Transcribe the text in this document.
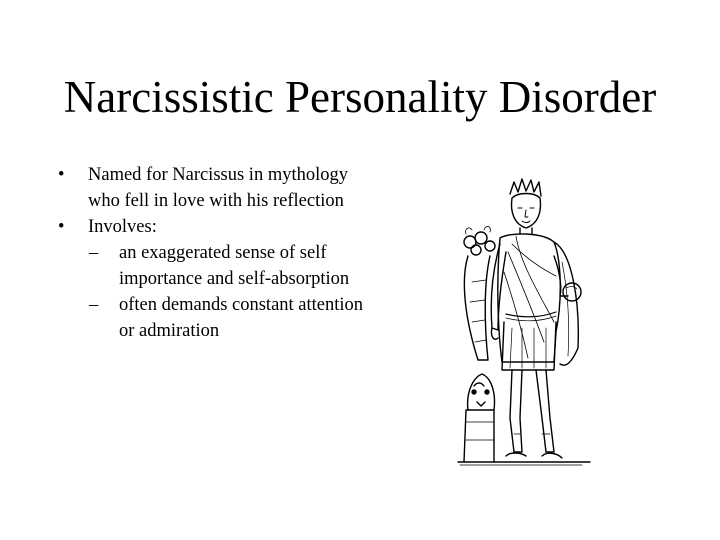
Narcissistic Personality Disorder
• Named for Narcissus in mythology who fell in love with his reflection
• Involves:
– an exaggerated sense of self importance and self-absorption
– often demands constant attention or admiration
